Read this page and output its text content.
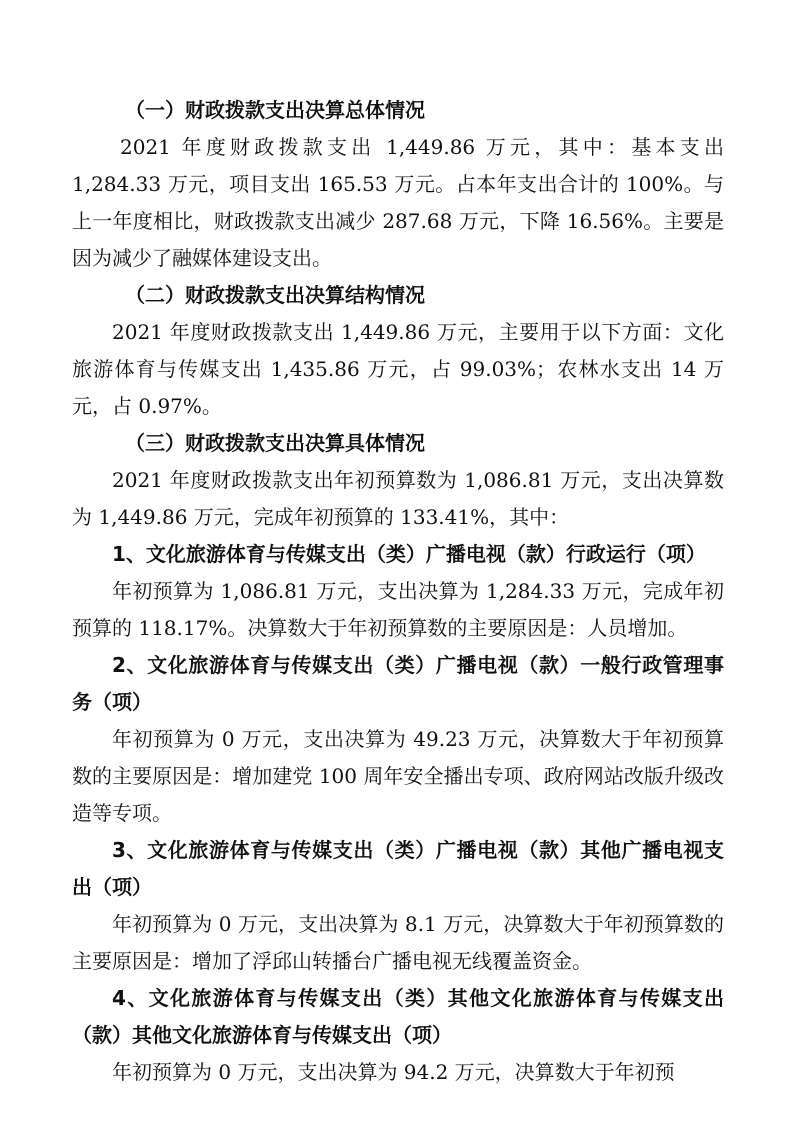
（一）财政拨款支出决算总体情况

2021 年度财政拨款支出 1,449.86 万元，其中：基本支出 1,284.33 万元，项目支出 165.53 万元。占本年支出合计的 100%。与上一年度相比，财政拨款支出减少 287.68 万元，下降 16.56%。主要是因为减少了融媒体建设支出。

（二）财政拨款支出决算结构情况

2021 年度财政拨款支出 1,449.86 万元，主要用于以下方面：文化旅游体育与传媒支出 1,435.86 万元，占 99.03%；农林水支出 14 万元，占 0.97%。

（三）财政拨款支出决算具体情况

2021 年度财政拨款支出年初预算数为 1,086.81 万元，支出决算数为 1,449.86 万元，完成年初预算的 133.41%，其中：

1、文化旅游体育与传媒支出（类）广播电视（款）行政运行（项）

年初预算为 1,086.81 万元，支出决算为 1,284.33 万元，完成年初预算的 118.17%。决算数大于年初预算数的主要原因是：人员增加。

2、文化旅游体育与传媒支出（类）广播电视（款）一般行政管理事务（项）

年初预算为 0 万元，支出决算为 49.23 万元，决算数大于年初预算数的主要原因是：增加建党 100 周年安全播出专项、政府网站改版升级改造等专项。

3、文化旅游体育与传媒支出（类）广播电视（款）其他广播电视支出（项）

年初预算为 0 万元，支出决算为 8.1 万元，决算数大于年初预算数的主要原因是：增加了浮邱山转播台广播电视无线覆盖资金。

4、文化旅游体育与传媒支出（类）其他文化旅游体育与传媒支出（款）其他文化旅游体育与传媒支出（项）

年初预算为 0 万元，支出决算为 94.2 万元，决算数大于年初预
